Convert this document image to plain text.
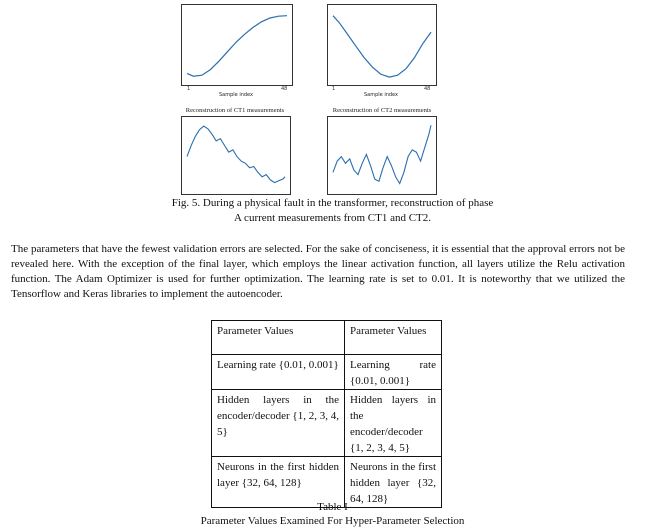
1	48
Sample index
1	48
Sample index
Reconstruction of CT1 measurements	Reconstruction of CT2 measurements
Fig. 5. During a physical fault in the transformer, reconstruction of phase
A current measurements from CT1 and CT2.
The parameters that have the fewest validation errors are selected. For the sake of conciseness, it is essential that the approval errors not be revealed here. With the exception of the final layer, which employs the linear activation function, all layers utilize the Relu activation function. The Adam Optimizer is used for further optimization. The learning rate is set to 0.01. It is noteworthy that we utilized the Tensorflow and Keras libraries to implement the autoencoder.
Parameter Values	Parameter Values
Learning rate {0.01, 0.001}	Learning rate {0.01, 0.001}
Hidden layers in the encoder/decoder {1, 2, 3, 4, 5}	Hidden layers in the encoder/decoder {1, 2, 3, 4, 5}
Neurons in the first hidden layer {32, 64, 128}	Neurons in the first hidden layer {32, 64, 128}
Table I
Parameter Values Examined For Hyper-Parameter Selection
